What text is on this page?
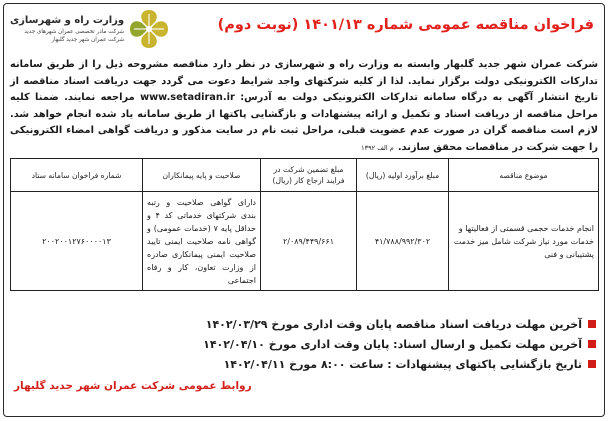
وزارت راه و شهرسازی
شرکت مادر تخصصی عمران شهرهای جدید
شرکت عمران شهر جدید گلبهار
فراخوان مناقصه عمومی شماره ۱۴۰۱/۱۳ (نوبت دوم)
شرکت عمران شهر جدید گلبهار وابسته به وزارت راه و شهرسازی در نظر دارد مناقصه مشروحه ذیل را از طریق سامانه تدارکات الکترونیکی دولت برگزار نماید. لذا از کلیه شرکتهای واجد شرایط دعوت می گردد جهت دریافت اسناد مناقصه از تاریخ انتشار آگهی به درگاه سامانه تدارکات الکترونیکی دولت به آدرس: www.setadiran.ir مراجعه نمایند. ضمنا کلیه مراحل مناقصه از دریافت اسناد و تکمیل و ارائه پیشنهادات و بازگشایی پاکتها از طریق سامانه یاد شده انجام خواهد شد. لازم است مناقصه گران در صورت عدم عضویت قبلی، مراحل ثبت نام در سایت مذکور و دریافت گواهی امضاء الکترونیکی را جهت شرکت در مناقصات محقق سازند.م الف ۱۳۹۲
موضوع مناقصه	مبلغ برآورد اولیه (ریال)	مبلغ تضمین شرکت در فرایند ارجاع کار (ریال)	صلاحیت و پایه پیمانکاران	شماره فراخوان سامانه ستاد
انجام خدمات حجمی قسمتی از فعالیتها و خدمات مورد نیاز شرکت شامل میز خدمت پشتیبانی و فنی	۴۱/۷۸۸/۹۹۲/۳۰۲	۲/۰۸۹/۴۴۹/۶۶۱	دارای گواهی صلاحیت و رتبه بندی شرکتهای خدماتی کد ۴ و حداقل پایه ۷ (خدمات عمومی) و گواهی نامه صلاحیت ایمنی تایید صلاحیت ایمنی پیمانکاری صادره از وزارت تعاون، کار و رفاه اجتماعی	۲۰۰۲۰۰۱۲۷۶۰۰۰۰۱۳
آخرین مهلت دریافت اسناد مناقصه پایان وقت اداری مورخ ۱۴۰۲/۰۳/۲۹
آخرین مهلت تکمیل و ارسال اسناد: پایان وقت اداری مورخ ۱۴۰۲/۰۴/۱۰
تاریخ بازگشایی پاکتهای پیشنهادات : ساعت ۸:۰۰ مورخ ۱۴۰۲/۰۴/۱۱
روابط عمومی شرکت عمران شهر جدید گلبهار
